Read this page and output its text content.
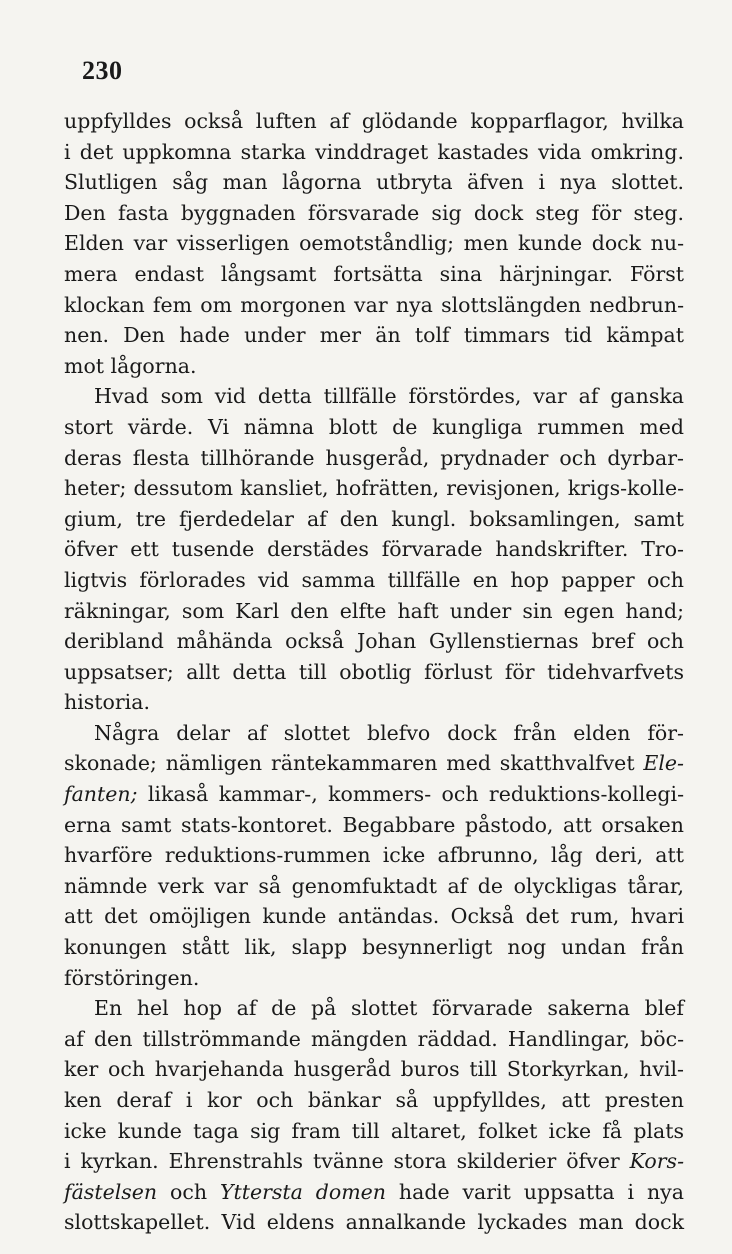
230
uppfylldes också luften af glödande kopparflagor, hvilka
i det uppkomna starka vinddraget kastades vida omkring.
Slutligen såg man lågorna utbryta äfven i nya slottet.
Den fasta byggnaden försvarade sig dock steg för steg.
Elden var visserligen oemotståndlig; men kunde dock nu-
mera endast långsamt fortsätta sina härjningar. Först
klockan fem om morgonen var nya slottslängden nedbrun-
nen. Den hade under mer än tolf timmars tid kämpat
mot lågorna.
Hvad som vid detta tillfälle förstördes, var af ganska
stort värde. Vi nämna blott de kungliga rummen med
deras flesta tillhörande husgeråd, prydnader och dyrbar-
heter; dessutom kansliet, hofrätten, revisjonen, krigs-kolle-
gium, tre fjerdedelar af den kungl. boksamlingen, samt
öfver ett tusende derstädes förvarade handskrifter. Tro-
ligtvis förlorades vid samma tillfälle en hop papper och
räkningar, som Karl den elfte haft under sin egen hand;
deribland måhända också Johan Gyllenstiernas bref och
uppsatser; allt detta till obotlig förlust för tidehvarfvets
historia.
Några delar af slottet blefvo dock från elden för-
skonade; nämligen räntekammaren med skatthvalfvet Ele-
fanten; likaså kammar-, kommers- och reduktions-kollegi-
erna samt stats-kontoret. Begabbare påstodo, att orsaken
hvarföre reduktions-rummen icke afbrunno, låg deri, att
nämnde verk var så genomfuktadt af de olyckligas tårar,
att det omöjligen kunde antändas. Också det rum, hvari
konungen stått lik, slapp besynnerligt nog undan från
förstöringen.
En hel hop af de på slottet förvarade sakerna blef
af den tillströmmande mängden räddad. Handlingar, böc-
ker och hvarjehanda husgeråd buros till Storkyrkan, hvil-
ken deraf i kor och bänkar så uppfylldes, att presten
icke kunde taga sig fram till altaret, folket icke få plats
i kyrkan. Ehrenstrahls tvänne stora skilderier öfver Kors-
fästelsen och Yttersta domen hade varit uppsatta i nya
slottskapellet. Vid eldens annalkande lyckades man dock
